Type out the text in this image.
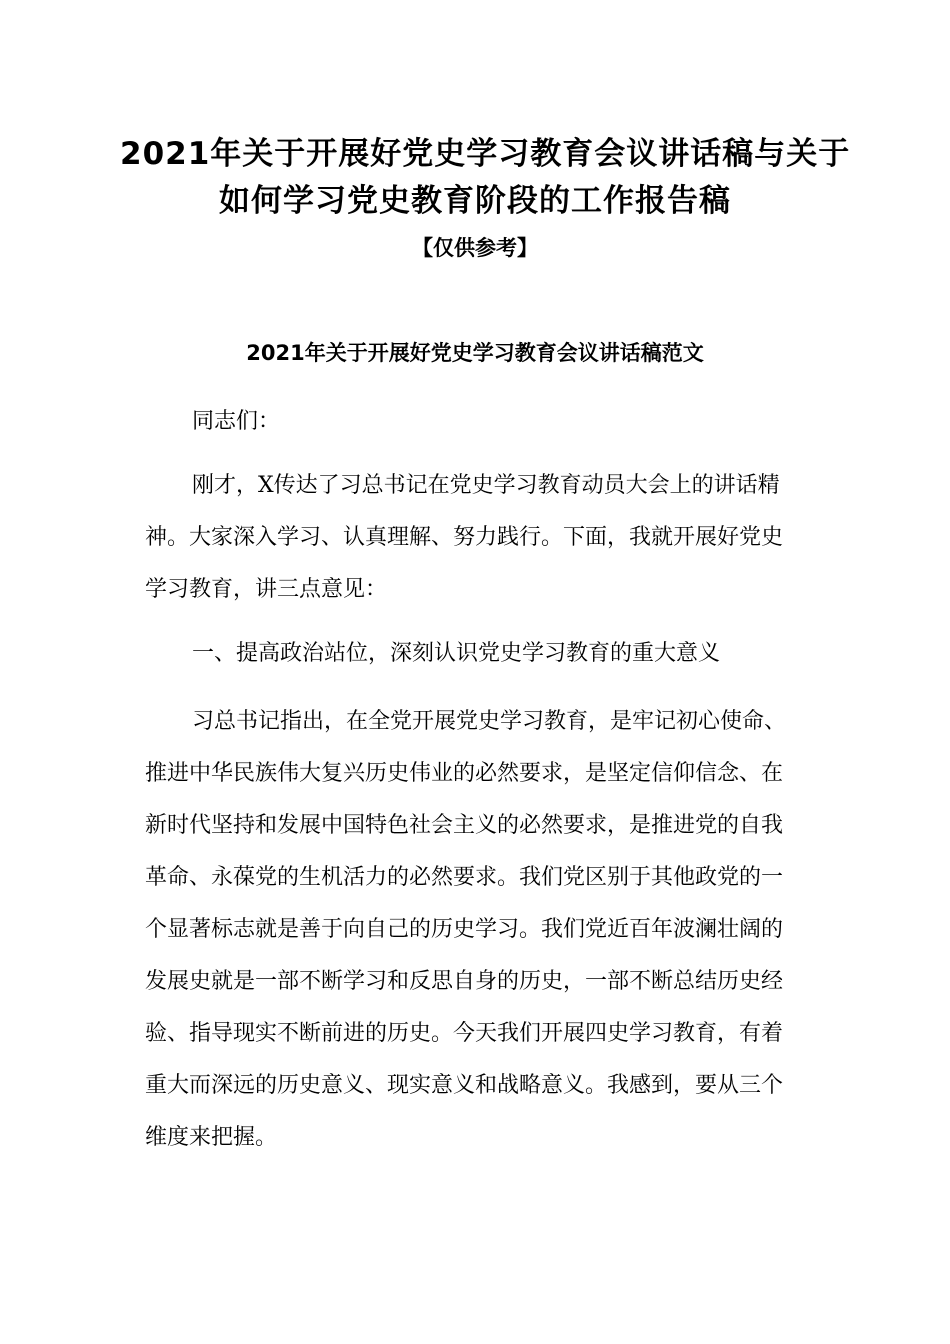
2021年关于开展好党史学习教育会议讲话稿与关于
如何学习党史教育阶段的工作报告稿
【仅供参考】
2021年关于开展好党史学习教育会议讲话稿范文
同志们：
刚才，X传达了习总书记在党史学习教育动员大会上的讲话精
神。大家深入学习、认真理解、努力践行。下面，我就开展好党史
学习教育，讲三点意见：
一、提高政治站位，深刻认识党史学习教育的重大意义
习总书记指出，在全党开展党史学习教育，是牢记初心使命、
推进中华民族伟大复兴历史伟业的必然要求，是坚定信仰信念、在
新时代坚持和发展中国特色社会主义的必然要求，是推进党的自我
革命、永葆党的生机活力的必然要求。我们党区别于其他政党的一
个显著标志就是善于向自己的历史学习。我们党近百年波澜壮阔的
发展史就是一部不断学习和反思自身的历史，一部不断总结历史经
验、指导现实不断前进的历史。今天我们开展四史学习教育，有着
重大而深远的历史意义、现实意义和战略意义。我感到，要从三个
维度来把握。
